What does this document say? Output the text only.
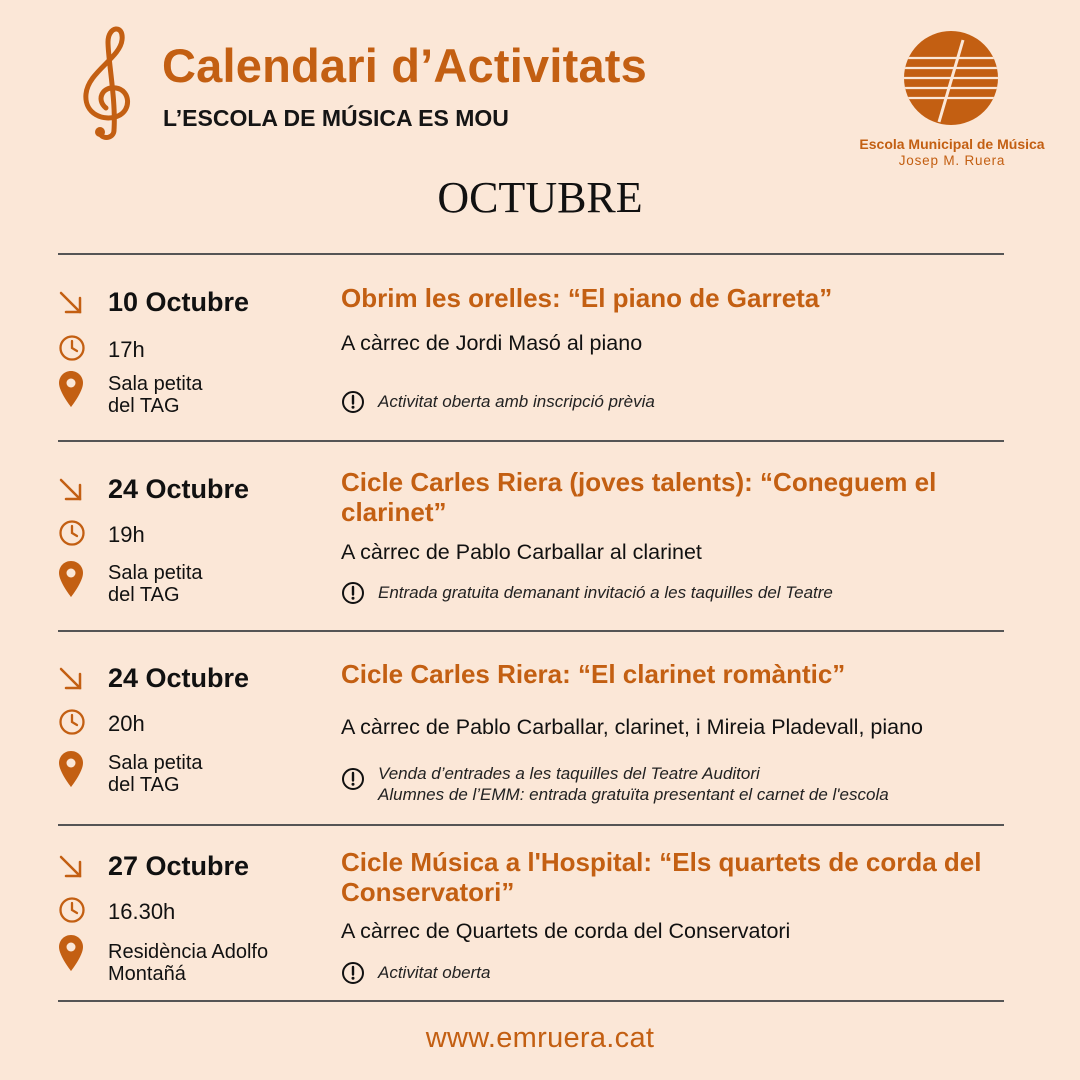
Calendari d’Activitats
L’ESCOLA DE MÚSICA ES MOU
Escola Municipal de Música
Josep M. Ruera
OCTUBRE
10 Octubre
17h
Sala petita
del TAG
Obrim les orelles: “El piano de Garreta”
A càrrec de Jordi Masó al piano
Activitat oberta amb inscripció prèvia
24 Octubre
19h
Sala petita
del TAG
Cicle Carles Riera (joves talents): “Coneguem el clarinet”
A càrrec de Pablo Carballar al clarinet
Entrada gratuita demanant invitació a les taquilles del Teatre
24 Octubre
20h
Sala petita
del TAG
Cicle Carles Riera: “El clarinet romàntic”
A càrrec de Pablo Carballar, clarinet, i Mireia Pladevall, piano
Venda d’entrades a les taquilles del Teatre Auditori
Alumnes de l’EMM: entrada gratuïta presentant el carnet de l'escola
27 Octubre
16.30h
Residència Adolfo
Montañá
Cicle Música a l'Hospital: “Els quartets de corda del Conservatori”
A càrrec de Quartets de corda del Conservatori
Activitat oberta
www.emruera.cat
